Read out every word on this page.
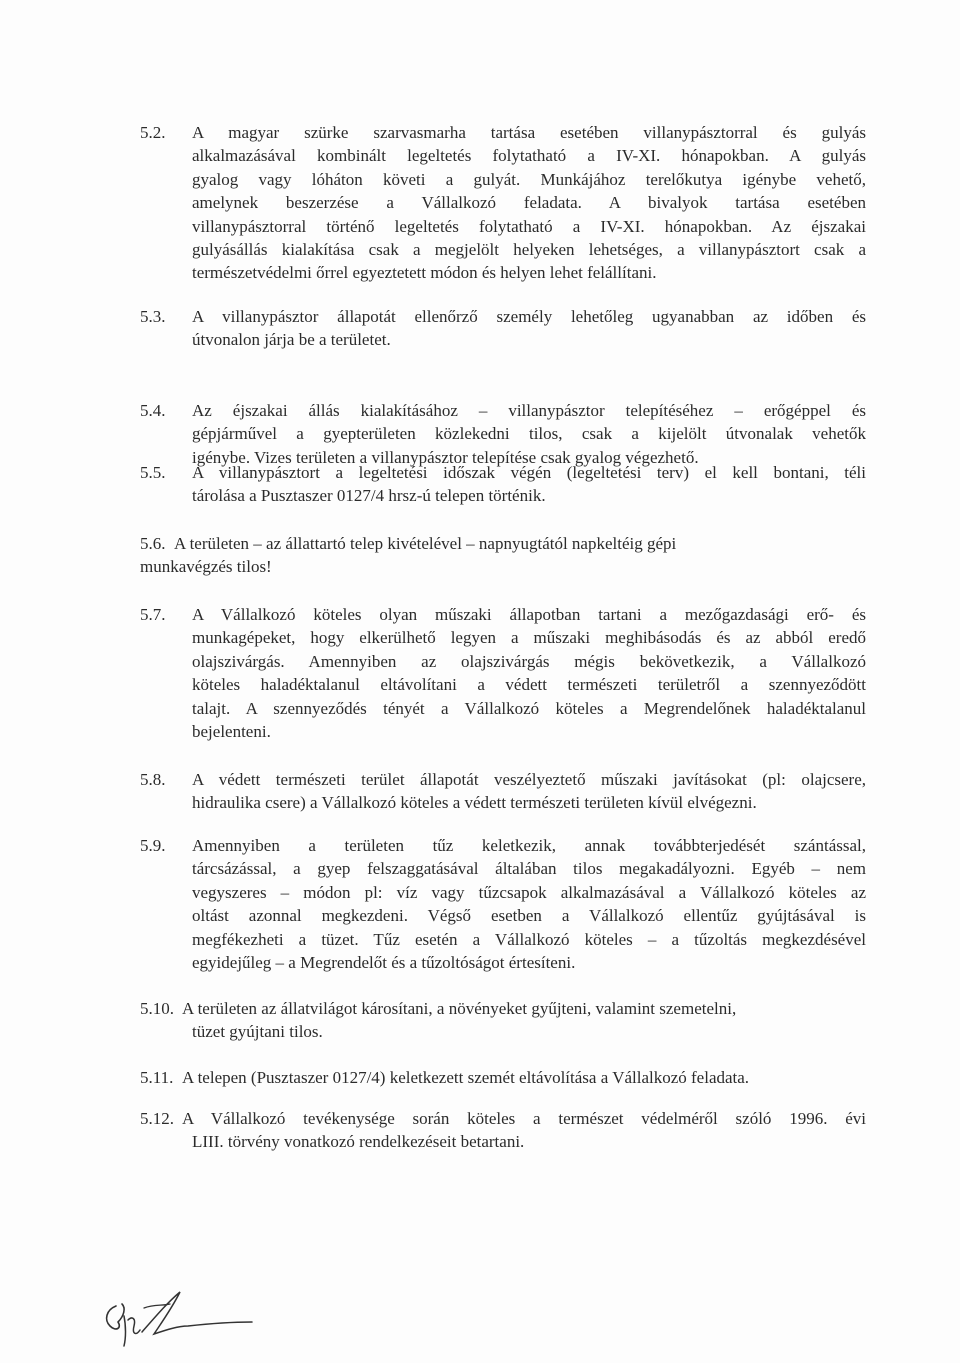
5.2. A magyar szürke szarvasmarha tartása esetében villanypásztorral és gulyás
alkalmazásával kombinált legeltetés folytatható a IV-XI. hónapokban. A gulyás
gyalog vagy lóháton követi a gulyát. Munkájához terelőkutya igénybe vehető,
amelynek beszerzése a Vállalkozó feladata. A bivalyok tartása esetében
villanypásztorral történő legeltetés folytatható a IV-XI. hónapokban. Az éjszakai
gulyásállás kialakítása csak a megjelölt helyeken lehetséges, a villanypásztort csak a
természetvédelmi őrrel egyeztetett módon és helyen lehet felállítani.
5.3. A villanypásztor állapotát ellenőrző személy lehetőleg ugyanabban az időben és
útvonalon járja be a területet.
5.4. Az éjszakai állás kialakításához – villanypásztor telepítéséhez – erőgéppel és
gépjárművel a gyepterületen közlekedni tilos, csak a kijelölt útvonalak vehetők
igénybe. Vizes területen a villanypásztor telepítése csak gyalog végezhető.
5.5. A villanypásztort a legeltetési időszak végén (legeltetési terv) el kell bontani, téli
tárolása a Pusztaszer 0127/4 hrsz-ú telepen történik.
5.6. A területen – az állattartó telep kivételével – napnyugtától napkeltéig gépi
munkavégzés tilos!
5.7. A Vállalkozó köteles olyan műszaki állapotban tartani a mezőgazdasági erő- és
munkagépeket, hogy elkerülhető legyen a műszaki meghibásodás és az abból eredő
olajszivárgás. Amennyiben az olajszivárgás mégis bekövetkezik, a Vállalkozó
köteles haladéktalanul eltávolítani a védett természeti területről a szennyeződött
talajt. A szennyeződés tényét a Vállalkozó köteles a Megrendelőnek haladéktalanul
bejelenteni.
5.8. A védett természeti terület állapotát veszélyeztető műszaki javításokat (pl: olajcsere,
hidraulika csere) a Vállalkozó köteles a védett természeti területen kívül elvégezni.
5.9. Amennyiben a területen tűz keletkezik, annak továbbterjedését szántással,
tárcsázással, a gyep felszaggatásával általában tilos megakadályozni. Egyéb – nem
vegyszeres – módon pl: víz vagy tűzcsapok alkalmazásával a Vállalkozó köteles az
oltást azonnal megkezdeni. Végső esetben a Vállalkozó ellentűz gyújtásával is
megfékezheti a tüzet. Tűz esetén a Vállalkozó köteles – a tűzoltás megkezdésével
egyidejűleg – a Megrendelőt és a tűzoltóságot értesíteni.
5.10. A területen az állatvilágot károsítani, a növényeket gyűjteni, valamint szemetelni,
tüzet gyújtani tilos.
5.11. A telepen (Pusztaszer 0127/4) keletkezett szemét eltávolítása a Vállalkozó feladata.
5.12. A Vállalkozó tevékenysége során köteles a természet védelméről szóló 1996. évi
LIII. törvény vonatkozó rendelkezéseit betartani.
